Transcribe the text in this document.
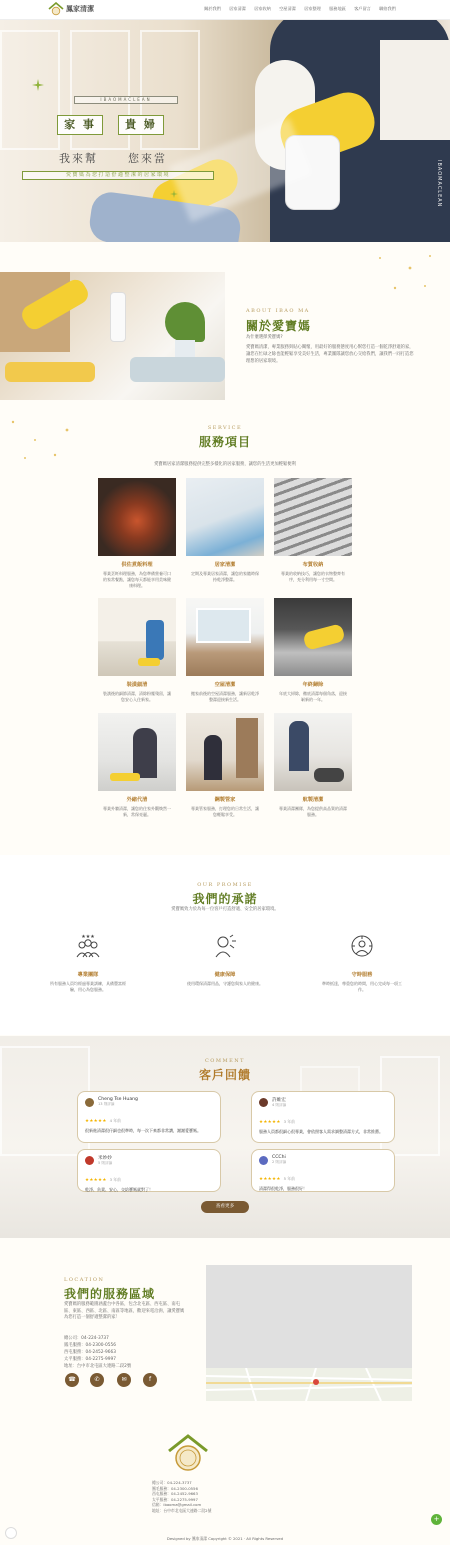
鳳家清潔	關於我們	居家清潔	居家收納	空屋清潔	居家整理	服務地區	客戶留言	聯絡我們
IBAOMACLEAN
家 事	貴 婦
我來幫	您來當
愛寶媽為您打造舒適整潔的居家環境	IBAOMACLEAN
ABOUT IBAO MA
關於愛寶媽
為什麼選擇愛寶媽?
愛寶媽清潔，專業服務與貼心關懷，用最好的服務態度用心幫您打造一個乾淨舒適的家，讓您在忙碌之餘也能輕鬆享受美好生活，專業團隊讓您放心交給我們，讓我們一同打造您理想的居家環境。
SERVICE
服務項目
愛寶媽居家清潔服務提供完整多樣化的居家服務，讓您的生活更加輕鬆便利
供佐煮飯料理
專業烹飪料理服務，為您準備營養可口的家常餐點，讓您每天都能享用美味健康料理。
居家清潔
定期及專業居家清潔，讓您的家隨時保持乾淨整潔。
布質收納
專業的收納技巧，讓您的衣物整齊有序，充分利用每一寸空間。
裝潢細清
裝潢後的細節清潔，清除粉塵殘留，讓您安心入住新家。
空屋清潔
搬家前後的空屋清潔服務，讓新居乾淨整潔迎接新生活。
年終歸除
年底大掃除，徹底清潔每個角落，迎接嶄新的一年。
外縮代清
專業外牆清潔，讓您的住家外觀煥然一新，常保亮麗。
鋼製管家
專業管家服務，打理您的日常生活，讓您輕鬆享受。
航製清潔
專業清潔團隊，為您提供高品質的清潔服務。
OUR PROMISE
我們的承諾
愛寶媽致力於為每一位客戶打造舒適、安全的居家環境。
★★★
專業團隊
所有服務人員均經過專業訓練，具備豐富經驗，用心為您服務。
健康保障
使用環保清潔用品，守護您與家人的健康。
守時服務
準時抵達，尊重您的時間，用心完成每一項工作。
COMMENT
客戶回饋
Cheng Tse Huang
13 則評論
★★★★★ 4 年前
很新進清潔很仔細也很準時，每一次下來都非常讚，謝謝愛寶媽。
許維宏
4 則評論
★★★★★ 3 年前
服務人員都很細心很專業，會依照客人需求調整清潔方式，非常推薦。
米妙妙
5 則評論
★★★★★ 3 年前
乾淨、負責、安心，交給寶媽就對了！
CCChi
2 則評論
★★★★★ 5 年前
清潔得很乾淨，服務很好！
查看更多
LOCATION
我們的服務區域
愛寶媽的服務範圍涵蓋台中各區，包含北屯區、西屯區、南屯區、東區、西區、北區、南區等地區，歡迎來電洽詢，讓愛寶媽為您打造一個舒適整潔的家！
總公司：04-224-3737
鳳毛服務：04-2300-0556
西屯服務：04-2452-9663
太平服務：04-2275-9997
地址：台中市北屯區大連路二段2號
☎	✆	✉	f
總公司：04-224-3737
鳳毛服務：04-2300-0556
西屯服務：04-2452-9663
太平服務：04-2275-9997
信箱：ibaoma@gmail.com
地址：台中市北屯區大連路二段2號
Designed by 鳳家清潔 Copyright © 2021 · All Rights Reserved
+
